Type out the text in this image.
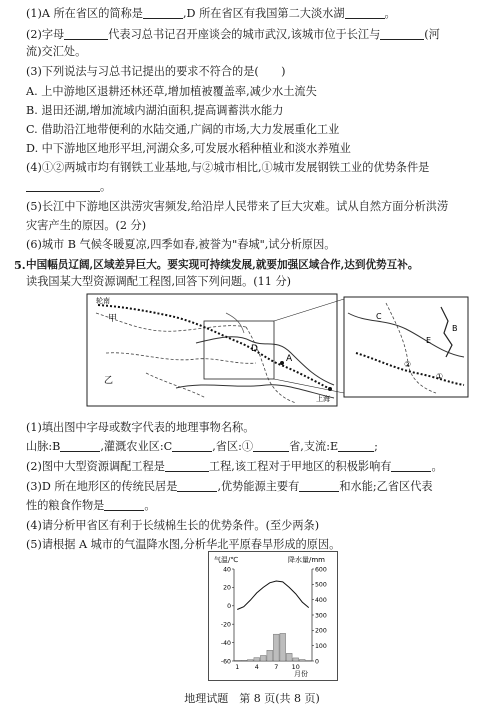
(1)A 所在省区的简称是	,D 所在省区有我国第二大淡水湖	。
(2)字母	代表习总书记召开座谈会的城市武汉,该城市位于长江与	(河
流)交汇处。
(3)下列说法与习总书记提出的要求不符合的是(　　)
A. 上中游地区退耕还林还草,增加植被覆盖率,减少水土流失
B. 退田还湖,增加流域内湖泊面积,提高调蓄洪水能力
C. 借助沿江地带便利的水陆交通,广阔的市场,大力发展重化工业
D. 中下游地区地形平坦,河湖众多,可发展水稻种植业和淡水养殖业
(4)①②两城市均有钢铁工业基地,与②城市相比,①城市发展钢铁工业的优势条件是
。
(5)长江中下游地区洪涝灾害频发,给沿岸人民带来了巨大灾难。试从自然方面分析洪涝
灾害产生的原因。(2 分)
(6)城市 B 气候冬暖夏凉,四季如春,被誉为"春城",试分析原因。
5. 中国幅员辽阔,区域差异巨大。要实现可持续发展,就要加强区域合作,达到优势互补。
读我国某大型资源调配工程图,回答下列问题。(11 分)
轮南
甲
乙
D
A
上海
C
B
E
②
①
(1)填出图中字母或数字代表的地理事物名称。
山脉:B	,灌溉农业区:C	,省区:①	省,支流:E	;
(2)图中大型资源调配工程是	工程,该工程对于甲地区的积极影响有	。
(3)D 所在地形区的传统民居是	,优势能源主要有	和水能;乙省区代表
性的粮食作物是	。
(4)请分析甲省区有利于长绒棉生长的优势条件。(至少两条)
(5)请根据 A 城市的气温降水图,分析华北平原春旱形成的原因。
气温/℃	降水量/mm
40
20
0
-20
-40
-60
600
500
400
300
200
100
0
1 4 7 10
月份
地理试题　第 8 页(共 8 页)
